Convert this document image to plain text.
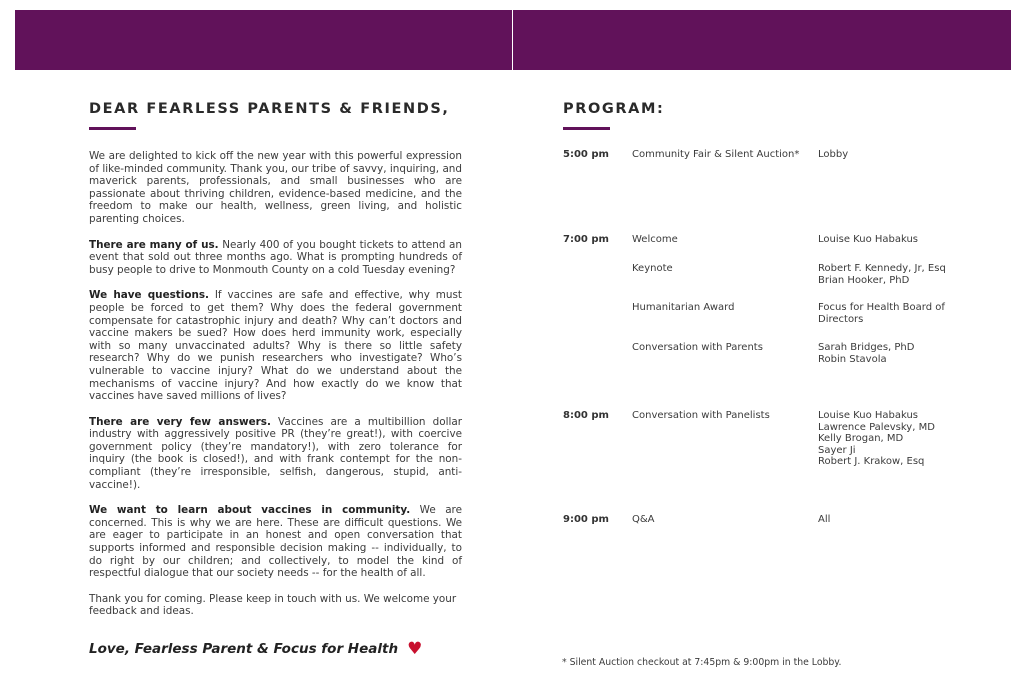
DEAR FEARLESS PARENTS & FRIENDS,

We are delighted to kick off the new year with this powerful expression of like-minded community. Thank you, our tribe of savvy, inquiring, and maverick parents, professionals, and small businesses who are passionate about thriving children, evidence-based medicine, and the freedom to make our health, wellness, green living, and holistic parenting choices.

There are many of us. Nearly 400 of you bought tickets to attend an event that sold out three months ago. What is prompting hundreds of busy people to drive to Monmouth County on a cold Tuesday evening?

We have questions. If vaccines are safe and effective, why must people be forced to get them? Why does the federal government compensate for catastrophic injury and death? Why can’t doctors and vaccine makers be sued? How does herd immunity work, especially with so many unvaccinated adults? Why is there so little safety research? Why do we punish researchers who investigate? Who’s vulnerable to vaccine injury? What do we understand about the mechanisms of vaccine injury? And how exactly do we know that vaccines have saved millions of lives?

There are very few answers. Vaccines are a multibillion dollar industry with aggressively positive PR (they’re great!), with coercive government policy (they’re mandatory!), with zero tolerance for inquiry (the book is closed!), and with frank contempt for the non-compliant (they’re irresponsible, selfish, dangerous, stupid, anti-vaccine!).

We want to learn about vaccines in community. We are concerned. This is why we are here. These are difficult questions. We are eager to participate in an honest and open conversation that supports informed and responsible decision making -- individually, to do right by our children; and collectively, to model the kind of respectful dialogue that our society needs -- for the health of all.

Thank you for coming. Please keep in touch with us. We welcome your feedback and ideas.

Love, Fearless Parent & Focus for Health ♥
PROGRAM:
5:00 pm Community Fair & Silent Auction*	Lobby
7:00 pm Welcome	Louise Kuo Habakus
Keynote	Robert F. Kennedy, Jr, Esq
Brian Hooker, PhD
Humanitarian Award	Focus for Health Board of
Directors
Conversation with Parents	Sarah Bridges, PhD
Robin Stavola
8:00 pm Conversation with Panelists	Louise Kuo Habakus
Lawrence Palevsky, MD
Kelly Brogan, MD
Sayer Ji
Robert J. Krakow, Esq
9:00 pm Q&A	All
* Silent Auction checkout at 7:45pm & 9:00pm in the Lobby.
